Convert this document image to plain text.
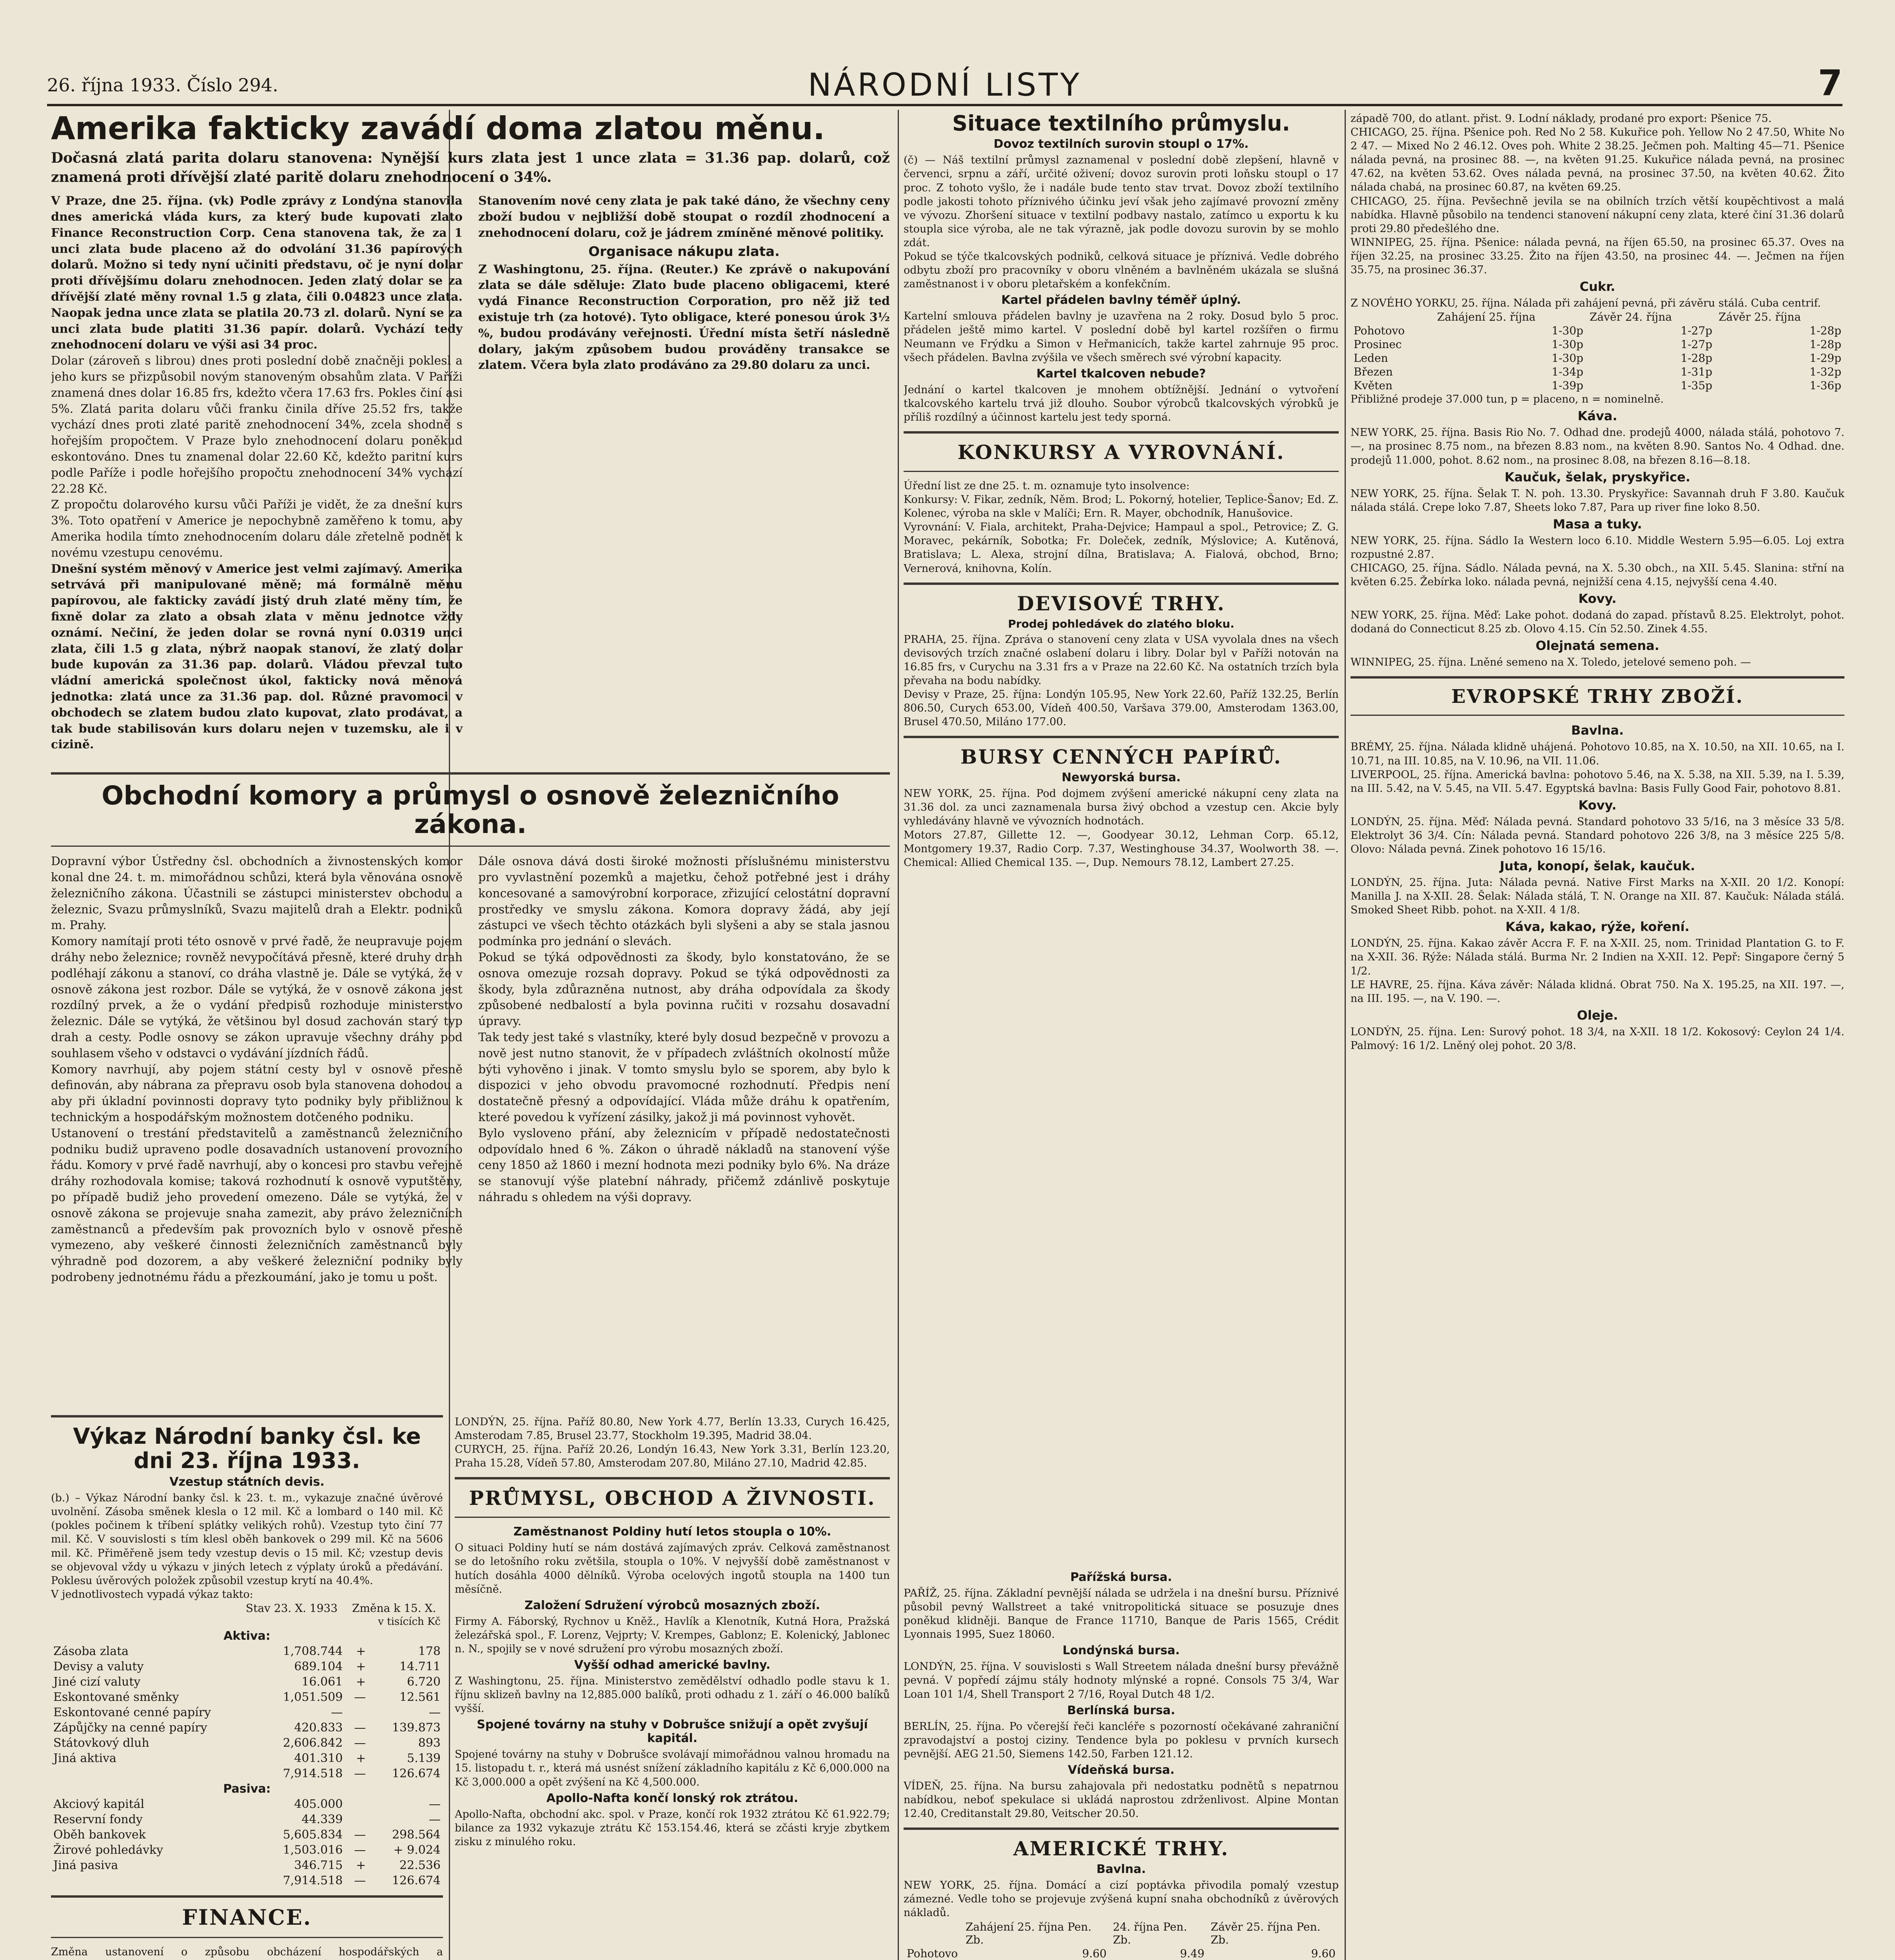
26. října 1933. Číslo 294.	NÁRODNÍ LISTY	7
Amerika fakticky zavádí doma zlatou měnu.

Dočasná zlatá parita dolaru stanovena: Nynější kurs zlata jest 1 unce zlata = 31.36 pap. dolarů, což znamená proti dřívější zlaté paritě dolaru znehodnocení o 34%.

V Praze, dne 25. října. (vk) Podle zprávy z Londýna stanovila dnes americká vláda kurs, za který bude kupovati zlato Finance Reconstruction Corp. Cena stanovena tak, že za 1 unci zlata bude placeno až do odvolání 31.36 papírových dolarů. Možno si tedy nyní učiniti představu, oč je nyní dolar proti dřívějšímu dolaru znehodnocen. Jeden zlatý dolar se za dřívější zlaté měny rovnal 1.5 g zlata, čili 0.04823 unce zlata. Naopak jedna unce zlata se platila 20.73 zl. dolarů. Nyní se za unci zlata bude platiti 31.36 papír. dolarů. Vychází tedy znehodnocení dolaru ve výši asi 34 proc.

Dolar (zároveň s librou) dnes proti poslední době značněji poklesl a jeho kurs se přizpůsobil novým stanoveným obsahům zlata. V Paříži znamená dnes dolar 16.85 frs, kdežto včera 17.63 frs. Pokles činí asi 5%. Zlatá parita dolaru vůči franku činila dříve 25.52 frs, takže vychází dnes proti zlaté paritě znehodnocení 34%, zcela shodně s hořejším propočtem. V Praze bylo znehodnocení dolaru poněkud eskontováno. Dnes tu znamenal dolar 22.60 Kč, kdežto paritní kurs podle Paříže i podle hořejšího propočtu znehodnocení 34% vychází 22.28 Kč.

Z propočtu dolarového kursu vůči Paříži je vidět, že za dnešní kurs 3%. Toto opatření v Americe je nepochybně zaměřeno k tomu, aby Amerika hodila tímto znehodnocením dolaru dále zřetelně podnět k novému vzestupu cenovému.

Dnešní systém měnový v Americe jest velmi zajímavý. Amerika setrvává při manipulované měně; má formálně měnu papírovou, ale fakticky zavádí jistý druh zlaté měny tím, že fixně dolar za zlato a obsah zlata v měnu jednotce vždy oznámí. Nečiní, že jeden dolar se rovná nyní 0.0319 unci zlata, čili 1.5 g zlata, nýbrž naopak stanoví, že zlatý dolar bude kupován za 31.36 pap. dolarů. Vládou převzal tuto vládní americká společnost úkol, fakticky nová měnová jednotka: zlatá unce za 31.36 pap. dol. Různé pravomoci v obchodech se zlatem budou zlato kupovat, zlato prodávat, a tak bude stabilisován kurs dolaru nejen v tuzemsku, ale i v cizině.

Stanovením nové ceny zlata je pak také dáno, že všechny ceny zboží budou v nejbližší době stoupat o rozdíl zhodnocení a znehodnocení dolaru, což je jádrem zmíněné měnové politiky.

Organisace nákupu zlata.

Z Washingtonu, 25. října. (Reuter.) Ke zprávě o nakupování zlata se dále sděluje: Zlato bude placeno obligacemi, které vydá Finance Reconstruction Corporation, pro něž již teď existuje trh (za hotové). Tyto obligace, které ponesou úrok 3½ %, budou prodávány veřejnosti. Úřední místa šetří následně dolary, jakým způsobem budou prováděny transakce se zlatem. Včera byla zlato prodáváno za 29.80 dolaru za unci.

Obchodní komory a průmysl o osnově železničního zákona.

Dopravní výbor Ústředny čsl. obchodních a živnostenských komor konal dne 24. t. m. mimořádnou schůzi, která byla věnována osnově železničního zákona. Účastnili se zástupci ministerstev obchodu a železnic, Svazu průmyslníků, Svazu majitelů drah a Elektr. podniků m. Prahy.

Komory namítají proti této osnově v prvé řadě, že neupravuje pojem dráhy nebo železnice; rovněž nevypočítává přesně, které druhy drah podléhají zákonu a stanoví, co dráha vlastně je. Dále se vytýká, že v osnově zákona jest rozbor. Dále se vytýká, že v osnově zákona jest rozdílný prvek, a že o vydání předpisů rozhoduje ministerstvo železnic. Dále se vytýká, že většinou byl dosud zachován starý typ drah a cesty. Podle osnovy se zákon upravuje všechny dráhy pod souhlasem všeho v odstavci o vydávání jízdních řádů.

Komory navrhují, aby pojem státní cesty byl v osnově přesně definován, aby nábrana za přepravu osob byla stanovena dohodou a aby při úkladní povinnosti dopravy tyto podniky byly přibližnou k technickým a hospodářským možnostem dotčeného podniku.

Ustanovení o trestání představitelů a zaměstnanců železničního podniku budiž upraveno podle dosavadních ustanovení provozního řádu. Komory v prvé řadě navrhují, aby o koncesi pro stavbu veřejně dráhy rozhodovala komise; taková rozhodnutí k osnově vyputštěny, po případě budiž jeho provedení omezeno. Dále se vytýká, že v osnově zákona se projevuje snaha zamezit, aby právo železničních zaměstnanců a především pak provozních bylo v osnově přesně vymezeno, aby veškeré činnosti železničních zaměstnanců byly výhradně pod dozorem, a aby veškeré železniční podniky byly podrobeny jednotnému řádu a přezkoumání, jako je tomu u pošt.

Dále osnova dává dosti široké možnosti příslušnému ministerstvu pro vyvlastnění pozemků a majetku, čehož potřebné jest i dráhy koncesované a samovýrobní korporace, zřizující celostátní dopravní prostředky ve smyslu zákona. Komora dopravy žádá, aby její zástupci ve všech těchto otázkách byli slyšeni a aby se stala jasnou podmínka pro jednání o slevách.

Pokud se týká odpovědnosti za škody, bylo konstatováno, že se osnova omezuje rozsah dopravy. Pokud se týká odpovědnosti za škody, byla zdůrazněna nutnost, aby dráha odpovídala za škody způsobené nedbalostí a byla povinna ručiti v rozsahu dosavadní úpravy.

Tak tedy jest také s vlastníky, které byly dosud bezpečně v provozu a nově jest nutno stanovit, že v případech zvláštních okolností může býti vyhověno i jinak. V tomto smyslu bylo se sporem, aby bylo k dispozici v jeho obvodu pravomocné rozhodnutí. Předpis není dostatečně přesný a odpovídající. Vláda může dráhu k opatřením, které povedou k vyřízení zásilky, jakož ji má povinnost vyhovět.

Bylo vysloveno přání, aby železnicím v případě nedostatečnosti odpovídalo hned 6 %. Zákon o úhradě nákladů na stanovení výše ceny 1850 až 1860 i mezní hodnota mezi podniky bylo 6%. Na dráze se stanovují výše platební náhrady, přičemž zdánlivě poskytuje náhradu s ohledem na výši dopravy.

Výkaz Národní banky čsl. ke dni 23. října 1933.

Vzestup státních devis.

(b.) – Výkaz Národní banky čsl. k 23. t. m., vykazuje značné úvěrové uvolnění. Zásoba směnek klesla o 12 mil. Kč a lombard o 140 mil. Kč (pokles počinem k tříbení splátky velikých rohů). Vzestup tyto činí 77 mil. Kč. V souvislosti s tím klesl oběh bankovek o 299 mil. Kč na 5606 mil. Kč. Přiměřeně jsem tedy vzestup devis o 15 mil. Kč; vzestup devis se objevoval vždy u výkazu v jiných letech z výplaty úroků a předávání. Poklesu úvěrových položek způsobil vzestup krytí na 40.4%.

V jednotlivostech vypadá výkaz takto:

	Stav 23. X. 1933	Změna k 15. X.	
v tisících Kč			
Aktiva:			
Zásoba zlata	1,708.744	+	178
Devisy a valuty	689.104	+	14.711
Jiné cizí valuty	16.061	+	6.720
Eskontované směnky	1,051.509	—	12.561
Eskontované cenné papíry	—		—
Zápůjčky na cenné papíry	420.833	—	139.873
Státovkový dluh	2,606.842	—	893
Jiná aktiva	401.310	+	5.139
	7,914.518	—	126.674
Pasiva:			
Akciový kapitál	405.000		—
Reservní fondy	44.339		—
Oběh bankovek	5,605.834	—	298.564
Žirové pohledávky	1,503.016	—	+ 9.024
Jiná pasiva	346.715	+	22.536
	7,914.518	—	126.674
FINANCE.

Změna ustanovení o způsobu obcházení hospodářských a

LONDÝN, 25. října. Paříž 80.80, New York 4.77, Berlín 13.33, Curych 16.425, Amsterodam 7.85, Brusel 23.77, Stockholm 19.395, Madrid 38.04.

CURYCH, 25. října. Paříž 20.26, Londýn 16.43, New York 3.31, Berlín 123.20, Praha 15.28, Vídeň 57.80, Amsterodam 207.80, Miláno 27.10, Madrid 42.85.

PRŮMYSL, OBCHOD A ŽIVNOSTI.

Zaměstnanost Poldiny hutí letos stoupla o 10%.

O situaci Poldiny hutí se nám dostává zajímavých zpráv. Celková zaměstnanost se do letošního roku zvětšila, stoupla o 10%. V nejvyšší době zaměstnanost v hutích dosáhla 4000 dělníků. Výroba ocelových ingotů stoupla na 1400 tun měsíčně.

Založení Sdružení výrobců mosazných zboží.

Firmy A. Fáborský, Rychnov u Kněž., Havlík a Klenotník, Kutná Hora, Pražská železářská spol., F. Lorenz, Vejprty; V. Krempes, Gablonz; E. Kolenický, Jablonec n. N., spojily se v nové sdružení pro výrobu mosazných zboží.

Vyšší odhad americké bavlny.

Z Washingtonu, 25. října. Ministerstvo zemědělství odhadlo podle stavu k 1. říjnu sklizeň bavlny na 12,885.000 balíků, proti odhadu z 1. září o 46.000 balíků vyšší.

Spojené továrny na stuhy v Dobrušce snižují a opět zvyšují kapitál.

Spojené továrny na stuhy v Dobrušce svolávají mimořádnou valnou hromadu na 15. listopadu t. r., která má usnést snížení základního kapitálu z Kč 6,000.000 na Kč 3,000.000 a opět zvýšení na Kč 4,500.000.

Apollo-Nafta končí lonský rok ztrátou.

Apollo-Nafta, obchodní akc. spol. v Praze, končí rok 1932 ztrátou Kč 61.922.79; bilance za 1932 vykazuje ztrátu Kč 153.154.46, která se zčásti kryje zbytkem zisku z minulého roku.

Situace textilního průmyslu.

Dovoz textilních surovin stoupl o 17%.

(č) — Náš textilní průmysl zaznamenal v poslední době zlepšení, hlavně v červenci, srpnu a září, určité oživení; dovoz surovin proti loňsku stoupl o 17 proc. Z tohoto vyšlo, že i nadále bude tento stav trvat. Dovoz zboží textilního podle jakosti tohoto příznivého účinku jeví však jeho zajímavé provozní změny ve vývozu. Zhoršení situace v textilní podbavy nastalo, zatímco u exportu k ku stoupla sice výroba, ale ne tak výrazně, jak podle dovozu surovin by se mohlo zdát.

Pokud se týče tkalcovských podniků, celková situace je příznivá. Vedle dobrého odbytu zboží pro pracovníky v oboru vlněném a bavlněném ukázala se slušná zaměstnanost i v oboru pletařském a konfekčním.

Kartel přádelen bavlny téměř úplný.

Kartelní smlouva přádelen bavlny je uzavřena na 2 roky. Dosud bylo 5 proc. přádelen ještě mimo kartel. V poslední době byl kartel rozšířen o firmu Neumann ve Frýdku a Simon v Heřmanicích, takže kartel zahrnuje 95 proc. všech přádelen. Bavlna zvýšila ve všech směrech své výrobní kapacity.

Kartel tkalcoven nebude?

Jednání o kartel tkalcoven je mnohem obtížnější. Jednání o vytvoření tkalcovského kartelu trvá již dlouho. Soubor výrobců tkalcovských výrobků je příliš rozdílný a účinnost kartelu jest tedy sporná.

KONKURSY A VYROVNÁNÍ.

Úřední list ze dne 25. t. m. oznamuje tyto insolvence:

Konkursy: V. Fikar, zedník, Něm. Brod; L. Pokorný, hotelier, Teplice-Šanov; Ed. Z. Kolenec, výroba na skle v Malíči; Ern. R. Mayer, obchodník, Hanušovice.

Vyrovnání: V. Fiala, architekt, Praha-Dejvice; Hampaul a spol., Petrovice; Z. G. Moravec, pekárník, Sobotka; Fr. Doleček, zedník, Mýslovice; A. Kutěnová, Bratislava; L. Alexa, strojní dílna, Bratislava; A. Fialová, obchod, Brno; Vernerová, knihovna, Kolín.

DEVISOVÉ TRHY.

Prodej pohledávek do zlatého bloku.

PRAHA, 25. října. Zpráva o stanovení ceny zlata v USA vyvolala dnes na všech devisových trzích značné oslabení dolaru i libry. Dolar byl v Paříži notován na 16.85 frs, v Curychu na 3.31 frs a v Praze na 22.60 Kč. Na ostatních trzích byla převaha na bodu nabídky.

Devisy v Praze, 25. října: Londýn 105.95, New York 22.60, Paříž 132.25, Berlín 806.50, Curych 653.00, Vídeň 400.50, Varšava 379.00, Amsterodam 1363.00, Brusel 470.50, Miláno 177.00.

BURSY CENNÝCH PAPÍRŮ.

Newyorská bursa.

NEW YORK, 25. října. Pod dojmem zvýšení americké nákupní ceny zlata na 31.36 dol. za unci zaznamenala bursa živý obchod a vzestup cen. Akcie byly vyhledávány hlavně ve vývozních hodnotách.

Motors 27.87, Gillette 12. —, Goodyear 30.12, Lehman Corp. 65.12, Montgomery 19.37, Radio Corp. 7.37, Westinghouse 34.37, Woolworth 38. —. Chemical: Allied Chemical 135. —, Dup. Nemours 78.12, Lambert 27.25.

západě 700, do atlant. přist. 9. Lodní náklady, prodané pro export: Pšenice 75.

CHICAGO, 25. října. Pšenice poh. Red No 2 58. Kukuřice poh. Yellow No 2 47.50, White No 2 47. — Mixed No 2 46.12. Oves poh. White 2 38.25. Ječmen poh. Malting 45—71. Pšenice nálada pevná, na prosinec 88. —, na květen 91.25. Kukuřice nálada pevná, na prosinec 47.62, na květen 53.62. Oves nálada pevná, na prosinec 37.50, na květen 40.62. Žito nálada chabá, na prosinec 60.87, na květen 69.25.

CHICAGO, 25. října. Pevšechně jevila se na obilních trzích větší koupěchtivost a malá nabídka. Hlavně působilo na tendenci stanovení nákupní ceny zlata, které činí 31.36 dolarů proti 29.80 předešlého dne.

WINNIPEG, 25. října. Pšenice: nálada pevná, na říjen 65.50, na prosinec 65.37. Oves na říjen 32.25, na prosinec 33.25. Žito na říjen 43.50, na prosinec 44. —. Ječmen na říjen 35.75, na prosinec 36.37.

Cukr.

Z NOVÉHO YORKU, 25. října. Nálada při zahájení pevná, při závěru stálá. Cuba centrif.

	Zahájení 25. října	Závěr 24. října	Závěr 25. října
Pohotovo	1-30p	1-27p	1-28p
Prosinec	1-30p	1-27p	1-28p
Leden	1-30p	1-28p	1-29p
Březen	1-34p	1-31p	1-32p
Květen	1-39p	1-35p	1-36p

Přibližné prodeje 37.000 tun, p = placeno, n = nominelně.

Káva.

NEW YORK, 25. října. Basis Rio No. 7. Odhad dne. prodejů 4000, nálada stálá, pohotovo 7. —, na prosinec 8.75 nom., na březen 8.83 nom., na květen 8.90. Santos No. 4 Odhad. dne. prodejů 11.000, pohot. 8.62 nom., na prosinec 8.08, na březen 8.16—8.18.

Kaučuk, šelak, pryskyřice.

NEW YORK, 25. října. Šelak T. N. poh. 13.30. Pryskyřice: Savannah druh F 3.80. Kaučuk nálada stálá. Crepe loko 7.87, Sheets loko 7.87, Para up river fine loko 8.50.

Masa a tuky.

NEW YORK, 25. října. Sádlo Ia Western loco 6.10. Middle Western 5.95—6.05. Loj extra rozpustné 2.87.

CHICAGO, 25. října. Sádlo. Nálada pevná, na X. 5.30 obch., na XII. 5.45. Slanina: střní na květen 6.25. Žebírka loko. nálada pevná, nejnižší cena 4.15, nejvyšší cena 4.40.

Kovy.

NEW YORK, 25. října. Měď: Lake pohot. dodaná do zapad. přístavů 8.25. Elektrolyt, pohot. dodaná do Connecticut 8.25 zb. Olovo 4.15. Cín 52.50. Zinek 4.55.

Olejnatá semena.

WINNIPEG, 25. října. Lněné semeno na X. Toledo, jetelové semeno poh. —

EVROPSKÉ TRHY ZBOŽÍ.

Bavlna.

BRÉMY, 25. října. Nálada klidně uhájená. Pohotovo 10.85, na X. 10.50, na XII. 10.65, na I. 10.71, na III. 10.85, na V. 10.96, na VII. 11.06.

LIVERPOOL, 25. října. Americká bavlna: pohotovo 5.46, na X. 5.38, na XII. 5.39, na I. 5.39, na III. 5.42, na V. 5.45, na VII. 5.47. Egyptská bavlna: Basis Fully Good Fair, pohotovo 8.81.

Kovy.

LONDÝN, 25. října. Měď: Nálada pevná. Standard pohotovo 33 5/16, na 3 měsíce 33 5/8. Elektrolyt 36 3/4. Cín: Nálada pevná. Standard pohotovo 226 3/8, na 3 měsíce 225 5/8. Olovo: Nálada pevná. Zinek pohotovo 16 15/16.

Juta, konopí, šelak, kaučuk.

LONDÝN, 25. října. Juta: Nálada pevná. Native First Marks na X-XII. 20 1/2. Konopí: Manilla J. na X-XII. 28. Šelak: Nálada stálá, T. N. Orange na XII. 87. Kaučuk: Nálada stálá. Smoked Sheet Ribb. pohot. na X-XII. 4 1/8.

Káva, kakao, rýže, koření.

LONDÝN, 25. října. Kakao závěr Accra F. F. na X-XII. 25, nom. Trinidad Plantation G. to F. na X-XII. 36. Rýže: Nálada stálá. Burma Nr. 2 Indien na X-XII. 12. Pepř: Singapore černý 5 1/2.

LE HAVRE, 25. října. Káva závěr: Nálada klidná. Obrat 750. Na X. 195.25, na XII. 197. —, na III. 195. —, na V. 190. —.

Oleje.

LONDÝN, 25. října. Len: Surový pohot. 18 3/4, na X-XII. 18 1/2. Kokosový: Ceylon 24 1/4. Palmový: 16 1/2. Lněný olej pohot. 20 3/8.

Pařížská bursa.

PAŘÍŽ, 25. října. Základní pevnější nálada se udržela i na dnešní bursu. Příznivé působil pevný Wallstreet a také vnitropolitická situace se posuzuje dnes poněkud klidněji. Banque de France 11710, Banque de Paris 1565, Crédit Lyonnais 1995, Suez 18060.

Londýnská bursa.

LONDÝN, 25. října. V souvislosti s Wall Streetem nálada dnešní bursy převážně pevná. V popředí zájmu stály hodnoty mlýnské a ropné. Consols 75 3/4, War Loan 101 1/4, Shell Transport 2 7/16, Royal Dutch 48 1/2.

Berlínská bursa.

BERLÍN, 25. října. Po včerejší řeči kancléře s pozorností očekávané zahraniční zpravodajství a postoj ciziny. Tendence byla po poklesu v prvních kursech pevnější. AEG 21.50, Siemens 142.50, Farben 121.12.

Vídeňská bursa.

VÍDEŇ, 25. října. Na bursu zahajovala při nedostatku podnětů s nepatrnou nabídkou, neboť spekulace si ukládá naprostou zdrženlivost. Alpine Montan 12.40, Creditanstalt 29.80, Veitscher 20.50.

AMERICKÉ TRHY.

Bavlna.

NEW YORK, 25. října. Domácí a cizí poptávka přivodila pomalý vzestup zámezné. Vedle toho se projevuje zvýšená kupní snaha obchodníků z úvěrových nákladů.

	Zahájení 25. října Pen. Zb.	24. října Pen. Zb.	Závěr 25. října Pen. Zb.
Pohotovo	9.60	9.49	9.60
